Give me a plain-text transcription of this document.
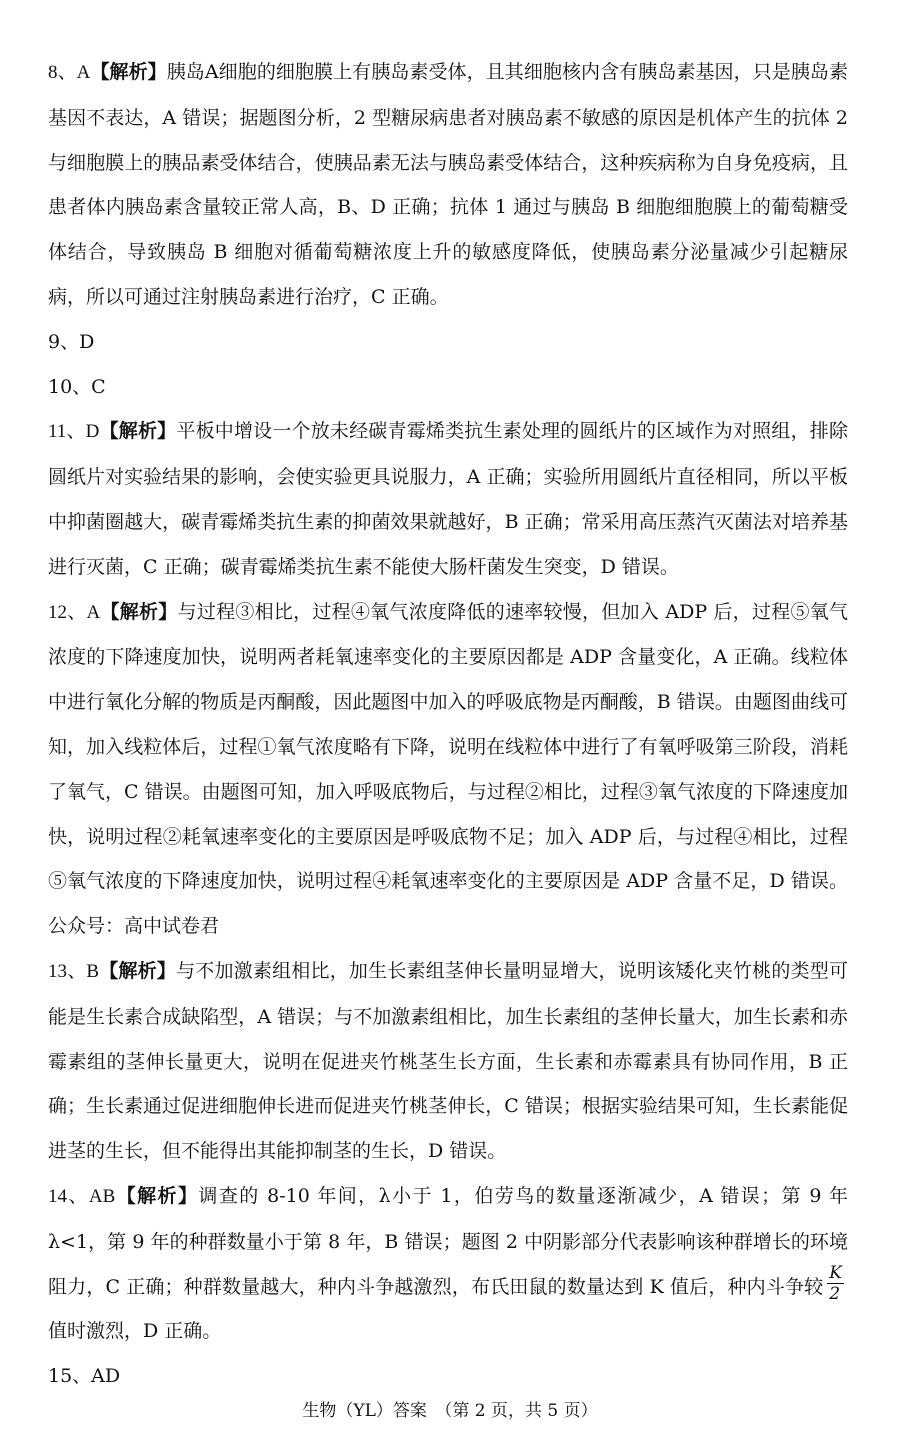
8、A【解析】胰岛A细胞的细胞膜上有胰岛素受体，且其细胞核内含有胰岛素基因，只是胰岛素基因不表达，A 错误；据题图分析，2 型糖尿病患者对胰岛素不敏感的原因是机体产生的抗体 2 与细胞膜上的胰品素受体结合，使胰品素无法与胰岛素受体结合，这种疾病称为自身免疫病，且患者体内胰岛素含量较正常人高，B、D 正确；抗体 1 通过与胰岛 B 细胞细胞膜上的葡萄糖受体结合，导致胰岛 B 细胞对循葡萄糖浓度上升的敏感度降低，使胰岛素分泌量减少引起糖尿病，所以可通过注射胰岛素进行治疗，C 正确。

9、D

10、C

11、D【解析】平板中增设一个放未经碳青霉烯类抗生素处理的圆纸片的区域作为对照组，排除圆纸片对实验结果的影响，会使实验更具说服力，A 正确；实验所用圆纸片直径相同，所以平板中抑菌圈越大，碳青霉烯类抗生素的抑菌效果就越好，B 正确；常采用高压蒸汽灭菌法对培养基进行灭菌，C 正确；碳青霉烯类抗生素不能使大肠杆菌发生突变，D 错误。

12、A【解析】与过程③相比，过程④氧气浓度降低的速率较慢，但加入 ADP 后，过程⑤氧气浓度的下降速度加快，说明两者耗氧速率变化的主要原因都是 ADP 含量变化，A 正确。线粒体中进行氧化分解的物质是丙酮酸，因此题图中加入的呼吸底物是丙酮酸，B 错误。由题图曲线可知，加入线粒体后，过程①氧气浓度略有下降，说明在线粒体中进行了有氧呼吸第三阶段，消耗了氧气，C 错误。由题图可知，加入呼吸底物后，与过程②相比，过程③氧气浓度的下降速度加快，说明过程②耗氧速率变化的主要原因是呼吸底物不足；加入 ADP 后，与过程④相比，过程⑤氧气浓度的下降速度加快，说明过程④耗氧速率变化的主要原因是 ADP 含量不足，D 错误。公众号：高中试卷君

13、B【解析】与不加激素组相比，加生长素组茎伸长量明显增大，说明该矮化夹竹桃的类型可能是生长素合成缺陷型，A 错误；与不加激素组相比，加生长素组的茎伸长量大，加生长素和赤霉素组的茎伸长量更大，说明在促进夹竹桃茎生长方面，生长素和赤霉素具有协同作用，B 正确；生长素通过促进细胞伸长进而促进夹竹桃茎伸长，C 错误；根据实验结果可知，生长素能促进茎的生长，但不能得出其能抑制茎的生长，D 错误。

14、AB【解析】调查的 8-10 年间，λ小于 1，伯劳鸟的数量逐渐减少，A 错误；第 9 年λ<1，第 9 年的种群数量小于第 8 年，B 错误；题图 2 中阴影部分代表影响该种群增长的环境阻力，C 正确；种群数量越大，种内斗争越激烈，布氏田鼠的数量达到 K 值后，种内斗争较 $\frac{K}{2}$
值时激烈，D 正确。

15、AD

生物（YL）答案　（第 2 页，共 5 页）
